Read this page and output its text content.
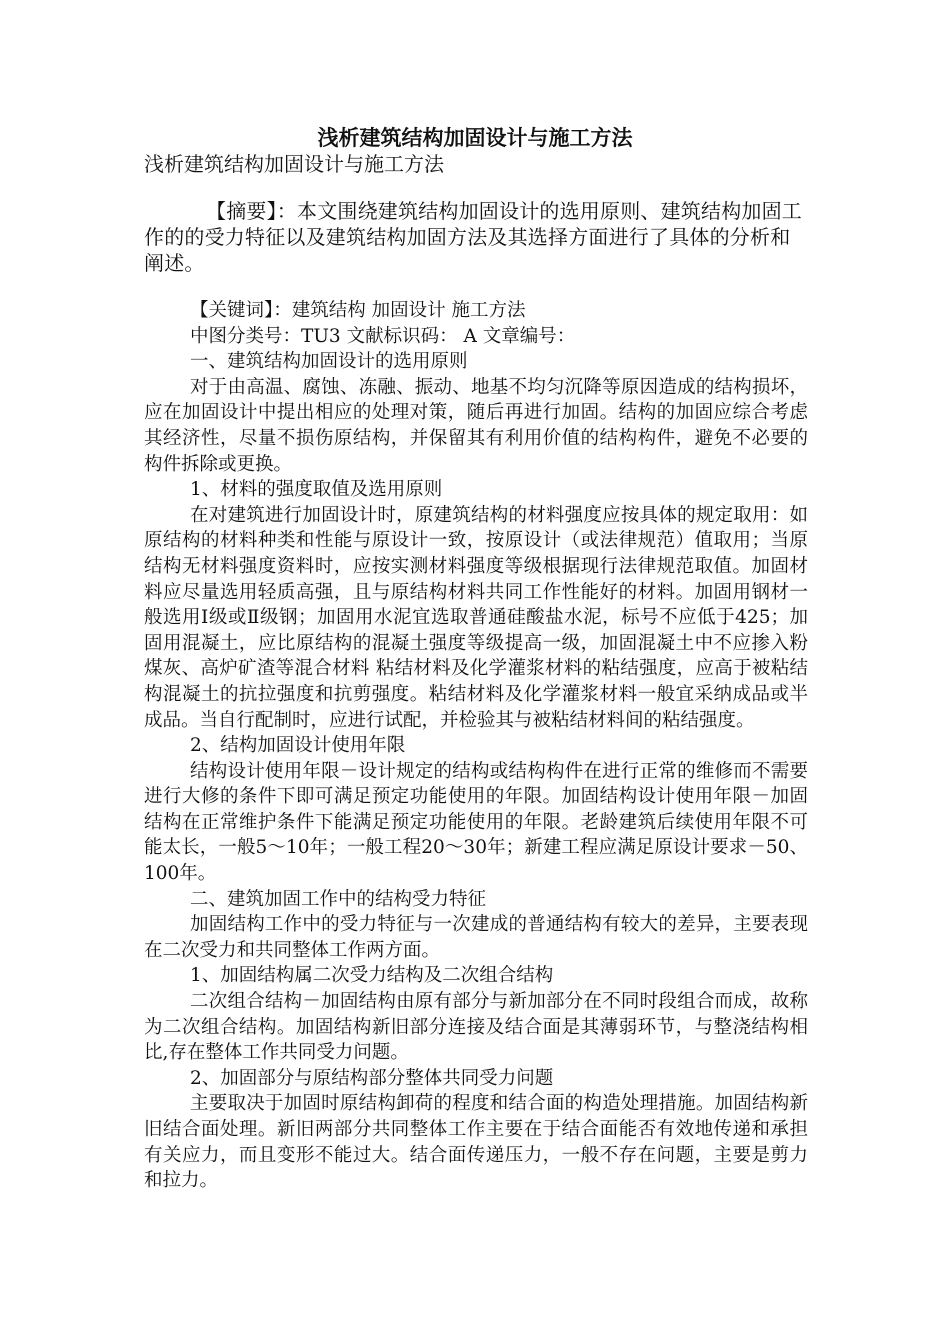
浅析建筑结构加固设计与施工方法
浅析建筑结构加固设计与施工方法

【摘要】：本文围绕建筑结构加固设计的选用原则、建筑结构加固工作的的受力特征以及建筑结构加固方法及其选择方面进行了具体的分析和阐述。

【关键词】：建筑结构 加固设计 施工方法

中图分类号：TU3 文献标识码： A 文章编号：

一、建筑结构加固设计的选用原则

对于由高温、腐蚀、冻融、振动、地基不均匀沉降等原因造成的结构损坏，应在加固设计中提出相应的处理对策，随后再进行加固。结构的加固应综合考虑其经济性，尽量不损伤原结构，并保留其有利用价值的结构构件，避免不必要的构件拆除或更换。

1、材料的强度取值及选用原则

在对建筑进行加固设计时，原建筑结构的材料强度应按具体的规定取用：如原结构的材料种类和性能与原设计一致，按原设计（或法律规范）值取用；当原结构无材料强度资料时，应按实测材料强度等级根据现行法律规范取值。加固材料应尽量选用轻质高强，且与原结构材料共同工作性能好的材料。加固用钢材一般选用Ⅰ级或Ⅱ级钢；加固用水泥宜选取普通硅酸盐水泥，标号不应低于425；加固用混凝土，应比原结构的混凝土强度等级提高一级，加固混凝土中不应掺入粉煤灰、高炉矿渣等混合材料 粘结材料及化学灌浆材料的粘结强度，应高于被粘结构混凝土的抗拉强度和抗剪强度。粘结材料及化学灌浆材料一般宜采纳成品或半成品。当自行配制时，应进行试配，并检验其与被粘结材料间的粘结强度。

2、结构加固设计使用年限

结构设计使用年限－设计规定的结构或结构构件在进行正常的维修而不需要进行大修的条件下即可满足预定功能使用的年限。加固结构设计使用年限－加固结构在正常维护条件下能满足预定功能使用的年限。老龄建筑后续使用年限不可能太长，一般5～10年；一般工程20～30年；新建工程应满足原设计要求－50、100年。

二、建筑加固工作中的结构受力特征

加固结构工作中的受力特征与一次建成的普通结构有较大的差异，主要表现在二次受力和共同整体工作两方面。

1、加固结构属二次受力结构及二次组合结构

二次组合结构－加固结构由原有部分与新加部分在不同时段组合而成，故称为二次组合结构。加固结构新旧部分连接及结合面是其薄弱环节，与整浇结构相比,存在整体工作共同受力问题。

2、加固部分与原结构部分整体共同受力问题

主要取决于加固时原结构卸荷的程度和结合面的构造处理措施。加固结构新旧结合面处理。新旧两部分共同整体工作主要在于结合面能否有效地传递和承担有关应力，而且变形不能过大。结合面传递压力，一般不存在问题，主要是剪力和拉力。
